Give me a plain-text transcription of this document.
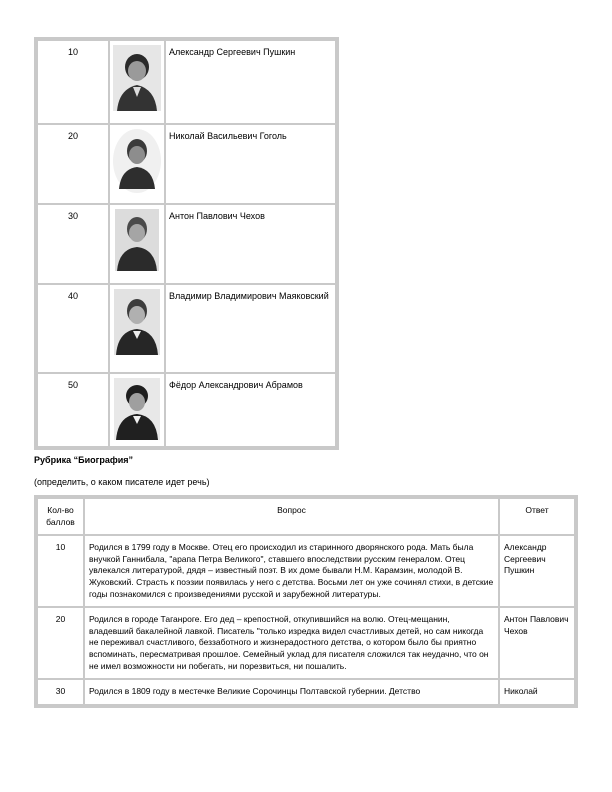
10		Александр Сергеевич Пушкин
20		Николай Васильевич Гоголь
30		Антон Павлович Чехов
40		Владимир Владимирович Маяковский
50		Фёдор Александрович Абрамов
Рубрика “Биография”
(определить, о каком писателе идет речь)
Кол-во баллов	Вопрос	Ответ
10	Родился в 1799 году в Москве. Отец его происходил из старинного дворянского рода. Мать была внучкой Ганнибала, "арапа Петра Великого", ставшего впоследствии русским генералом. Отец увлекался литературой, дядя – известный поэт. В их доме бывали Н.М. Карамзин, молодой В. Жуковский. Страсть к поэзии появилась у него с детства. Восьми лет он уже сочинял стихи, в детские годы познакомился с произведениями русской и зарубежной литературы.	Александр Сергеевич Пушкин
20	Родился в городе Таганроге. Его дед – крепостной, откупившийся на волю. Отец-мещанин, владевший бакалейной лавкой. Писатель "только изредка видел счастливых детей, но сам никогда не переживал счастливого, беззаботного и жизнерадостного детства, о котором было бы приятно вспоминать, пересматривая прошлое. Семейный уклад для писателя сложился так неудачно, что он не имел возможности ни побегать, ни порезвиться, ни пошалить.	Антон Павлович Чехов
30	Родился в 1809 году в местечке Великие Сорочинцы Полтавской губернии. Детство	Николай
